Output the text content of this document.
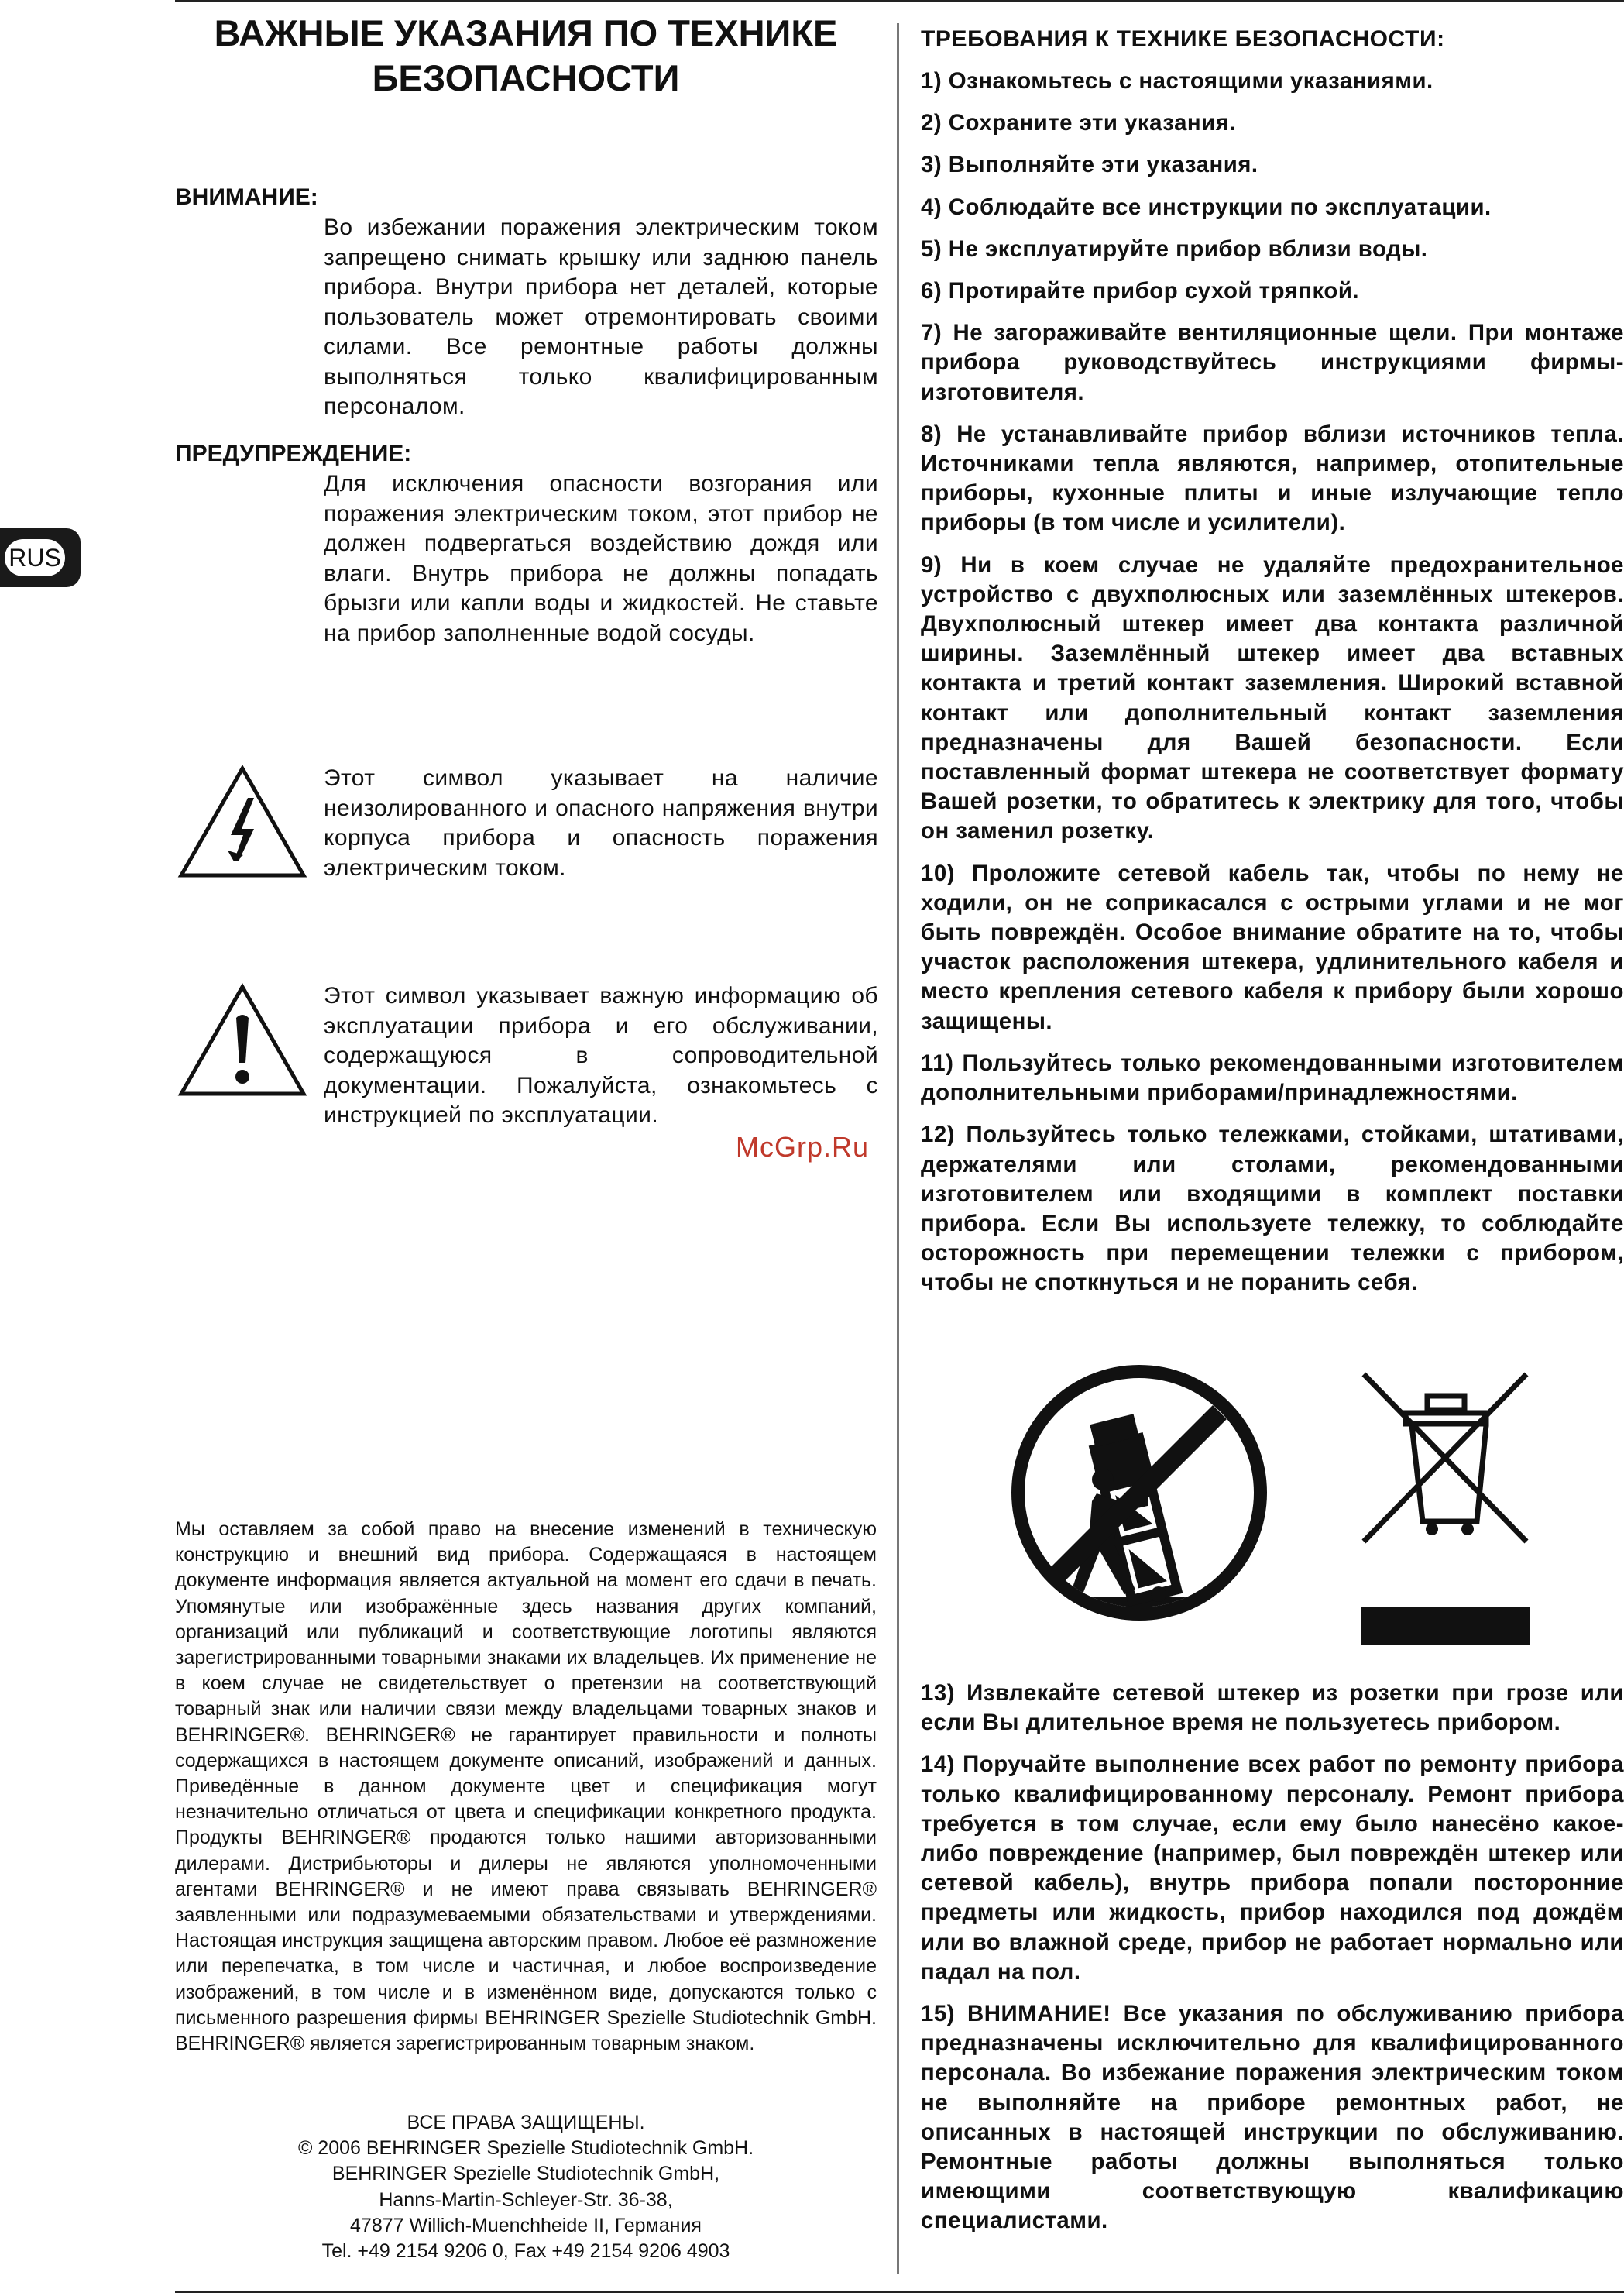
RUS
ВАЖНЫЕ УКАЗАНИЯ ПО ТЕХНИКЕ
БЕЗОПАСНОСТИ
ВНИМАНИЕ:

Во избежании поражения электрическим током запрещено снимать крышку или заднюю панель прибора. Внутри прибора нет деталей, которые пользователь может отремонтировать своими силами. Все ремонтные работы должны выполняться только квалифицированным персоналом.

ПРЕДУПРЕЖДЕНИЕ:

Для исключения опасности возгорания или поражения электрическим током, этот прибор не должен подвергаться воздействию дождя или влаги. Внутрь прибора не должны попадать брызги или капли воды и жидкостей. Не ставьте на прибор заполненные водой сосуды.

Этот символ указывает на наличие неизолированного и опасного напряжения внутри корпуса прибора и опасность поражения электрическим током.

Этот символ указывает важную информацию об эксплуатации прибора и его обслуживании, содержащуюся в сопроводительной документации. Пожалуйста, ознакомьтесь с инструкцией по эксплуатации.

McGrp.Ru

Мы оставляем за собой право на внесение изменений в техническую конструкцию и внешний вид прибора. Содержащаяся в настоящем документе информация является актуальной на момент его сдачи в печать. Упомянутые или изображённые здесь названия других компаний, организаций или публикаций и соответствующие логотипы являются зарегистрированными товарными знаками их владельцев. Их применение не в коем случае не свидетельствует о претензии на соответствующий товарный знак или наличии связи между владельцами товарных знаков и BEHRINGER®. BEHRINGER® не гарантирует правильности и полноты содержащихся в настоящем документе описаний, изображений и данных. Приведённые в данном документе цвет и спецификация могут незначительно отличаться от цвета и спецификации конкретного продукта. Продукты BEHRINGER® продаются только нашими авторизованными дилерами. Дистрибьюторы и дилеры не являются уполномоченными агентами BEHRINGER® и не имеют права связывать BEHRINGER® заявленными или подразумеваемыми обязательствами и утверждениями. Настоящая инструкция защищена авторским правом. Любое её размножение или перепечатка, в том числе и частичная, и любое воспроизведение изображений, в том числе и в изменённом виде, допускаются только с письменного разрешения фирмы BEHRINGER Spezielle Studiotechnik GmbH. BEHRINGER® является зарегистрированным товарным знаком.

ВСЕ ПРАВА ЗАЩИЩЕНЫ.
© 2006 BEHRINGER Spezielle Studiotechnik GmbH.
BEHRINGER Spezielle Studiotechnik GmbH,
Hanns-Martin-Schleyer-Str. 36-38,
47877 Willich-Muenchheide II, Германия
Tel. +49 2154 9206 0, Fax +49 2154 9206 4903
ТРЕБОВАНИЯ К ТЕХНИКЕ БЕЗОПАСНОСТИ:

1) Ознакомьтесь с настоящими указаниями.

2) Сохраните эти указания.

3) Выполняйте эти указания.

4) Соблюдайте все инструкции по эксплуатации.

5) Не эксплуатируйте прибор вблизи воды.

6) Протирайте прибор сухой тряпкой.

7) Не загораживайте вентиляционные щели. При монтаже прибора руководствуйтесь инструкциями фирмы-изготовителя.

8) Не устанавливайте прибор вблизи источников тепла. Источниками тепла являются, например, отопительные приборы, кухонные плиты и иные излучающие тепло приборы (в том числе и усилители).

9) Ни в коем случае не удаляйте предохранительное устройство с двухполюсных или заземлённых штекеров. Двухполюсный штекер имеет два контакта различной ширины. Заземлённый штекер имеет два вставных контакта и третий контакт заземления. Широкий вставной контакт или дополнительный контакт заземления предназначены для Вашей безопасности. Если поставленный формат штекера не соответствует формату Вашей розетки, то обратитесь к электрику для того, чтобы он заменил розетку.

10) Проложите сетевой кабель так, чтобы по нему не ходили, он не соприкасался с острыми углами и не мог быть повреждён. Особое внимание обратите на то, чтобы участок расположения штекера, удлинительного кабеля и место крепления сетевого кабеля к прибору были хорошо защищены.

11) Пользуйтесь только рекомендованными изготовителем дополнительными приборами/принадлежностями.

12) Пользуйтесь только тележками, стойками, штативами, держателями или столами, рекомендованными изготовителем или входящими в комплект поставки прибора. Если Вы используете тележку, то соблюдайте осторожность при перемещении тележки с прибором, чтобы не споткнуться и не поранить себя.

13) Извлекайте сетевой штекер из розетки при грозе или если Вы длительное время не пользуетесь прибором.

14) Поручайте выполнение всех работ по ремонту прибора только квалифицированному персоналу. Ремонт прибора требуется в том случае, если ему было нанесёно какое-либо повреждение (например, был повреждён штекер или сетевой кабель), внутрь прибора попали посторонние предметы или жидкость, прибор находился под дождём или во влажной среде, прибор не работает нормально или падал на пол.

15) ВНИМАНИЕ! Все указания по обслуживанию прибора предназначены исключительно для квалифицированного персонала. Во избежание поражения электрическим током не выполняйте на приборе ремонтных работ, не описанных в настоящей инструкции по обслуживанию. Ремонтные работы должны выполняться только имеющими соответствующую квалификацию специалистами.
